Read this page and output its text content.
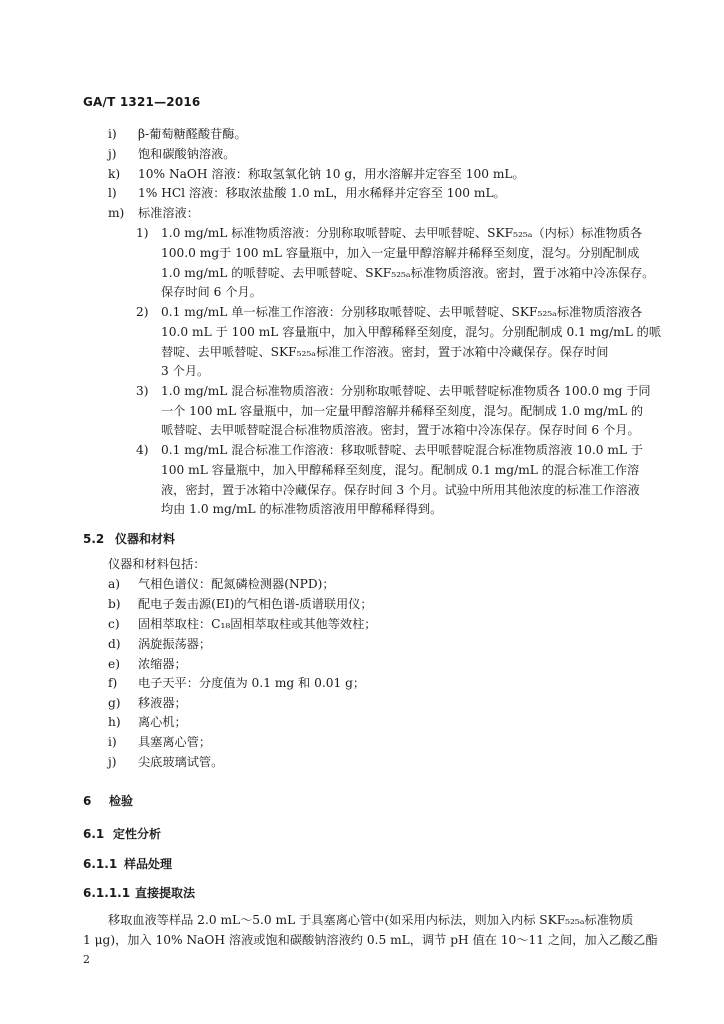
GA/T 1321—2016
i) β-葡萄糖醛酸苷酶。
j) 饱和碳酸钠溶液。
k) 10% NaOH 溶液：称取氢氧化钠 10 g，用水溶解并定容至 100 mL。
l) 1% HCl 溶液：移取浓盐酸 1.0 mL，用水稀释并定容至 100 mL。
m) 标准溶液：
1) 1.0 mg/mL 标准物质溶液：分别称取哌替啶、去甲哌替啶、SKF₅₂₅ₐ（内标）标准物质各
100.0 mg于 100 mL 容量瓶中，加入一定量甲醇溶解并稀释至刻度，混匀。分别配制成
1.0 mg/mL 的哌替啶、去甲哌替啶、SKF₅₂₅ₐ标准物质溶液。密封，置于冰箱中冷冻保存。
保存时间 6 个月。
2) 0.1 mg/mL 单一标准工作溶液：分别移取哌替啶、去甲哌替啶、SKF₅₂₅ₐ标准物质溶液各
10.0 mL 于 100 mL 容量瓶中，加入甲醇稀释至刻度，混匀。分别配制成 0.1 mg/mL 的哌
替啶、去甲哌替啶、SKF₅₂₅ₐ标准工作溶液。密封，置于冰箱中冷藏保存。保存时间
3 个月。
3) 1.0 mg/mL 混合标准物质溶液：分别称取哌替啶、去甲哌替啶标准物质各 100.0 mg 于同
一个 100 mL 容量瓶中，加一定量甲醇溶解并稀释至刻度，混匀。配制成 1.0 mg/mL 的
哌替啶、去甲哌替啶混合标准物质溶液。密封，置于冰箱中冷冻保存。保存时间 6 个月。
4) 0.1 mg/mL 混合标准工作溶液：移取哌替啶、去甲哌替啶混合标准物质溶液 10.0 mL 于
100 mL 容量瓶中，加入甲醇稀释至刻度，混匀。配制成 0.1 mg/mL 的混合标准工作溶
液，密封，置于冰箱中冷藏保存。保存时间 3 个月。试验中所用其他浓度的标准工作溶液
均由 1.0 mg/mL 的标准物质溶液用甲醇稀释得到。
5.2 仪器和材料
仪器和材料包括：
a) 气相色谱仪：配氮磷检测器(NPD)；
b) 配电子轰击源(EI)的气相色谱-质谱联用仪；
c) 固相萃取柱：C₁₈固相萃取柱或其他等效柱；
d) 涡旋振荡器；
e) 浓缩器；
f) 电子天平：分度值为 0.1 mg 和 0.01 g；
g) 移液器；
h) 离心机；
i) 具塞离心管；
j) 尖底玻璃试管。
6 检验
6.1 定性分析
6.1.1 样品处理
6.1.1.1 直接提取法
移取血液等样品 2.0 mL～5.0 mL 于具塞离心管中(如采用内标法，则加入内标 SKF₅₂₅ₐ标准物质
1 μg)，加入 10% NaOH 溶液或饱和碳酸钠溶液约 0.5 mL，调节 pH 值在 10～11 之间，加入乙酸乙酯
2
